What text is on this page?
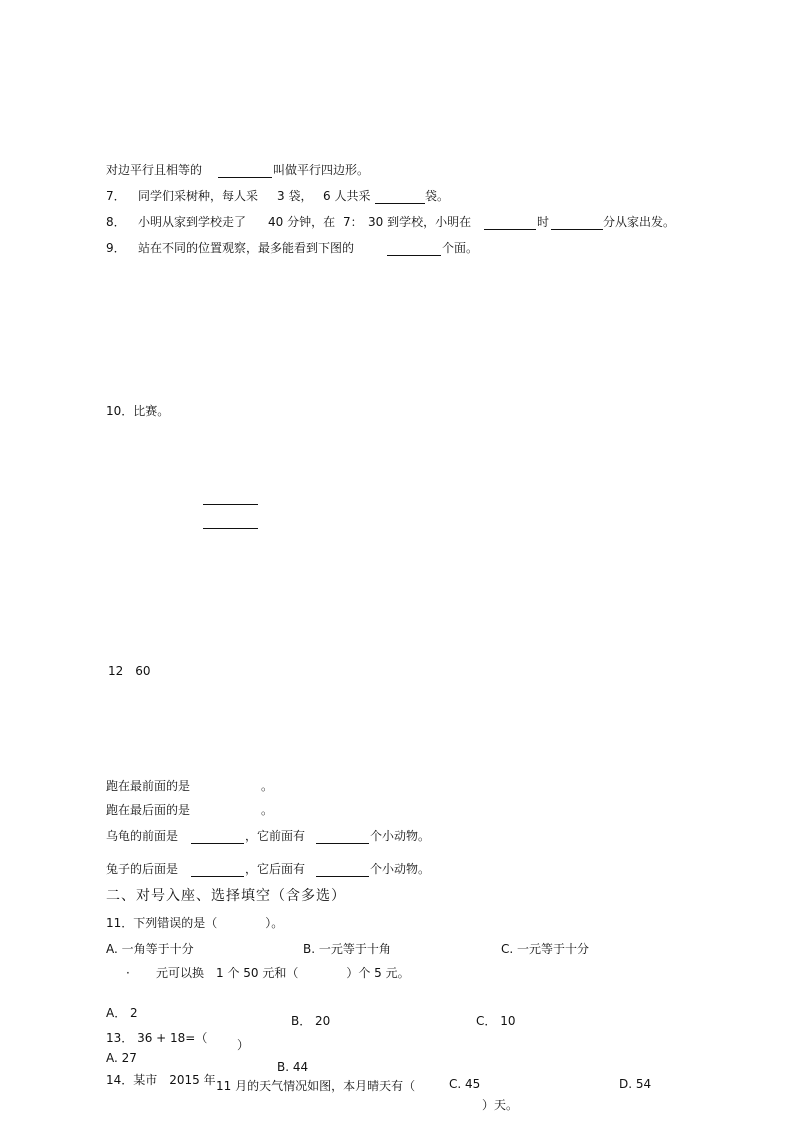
对边平行且相等的	叫做平行四边形。
7． 同学们采树种，每人采 3 袋， 6 人共采	袋。
8． 小明从家到学校走了 40 分钟，在 7： 30 到学校，小明在	时	分从家出发。
9． 站在不同的位置观察，最多能看到下图的	个面。
10．比赛。
12　60
跑在最前面的是	。
跑在最后面的是	。
乌龟的前面是	，它前面有	个小动物。
兔子的后面是	，它后面有	个小动物。
二、对号入座、选择填空（含多选）
11．下列错误的是（　　　　）。
A. 一角等于十分	B. 一元等于十角	C. 一元等于十分
· 元可以换　1 个 50 元和（　　　　）个 5 元。
A． 2
B． 20	C． 10
13． 36 + 18=（ ）
A. 27
B. 44
14．某市　2015 年 11 月的天气情况如图，本月晴天有（	C. 45	D. 54
）天。
